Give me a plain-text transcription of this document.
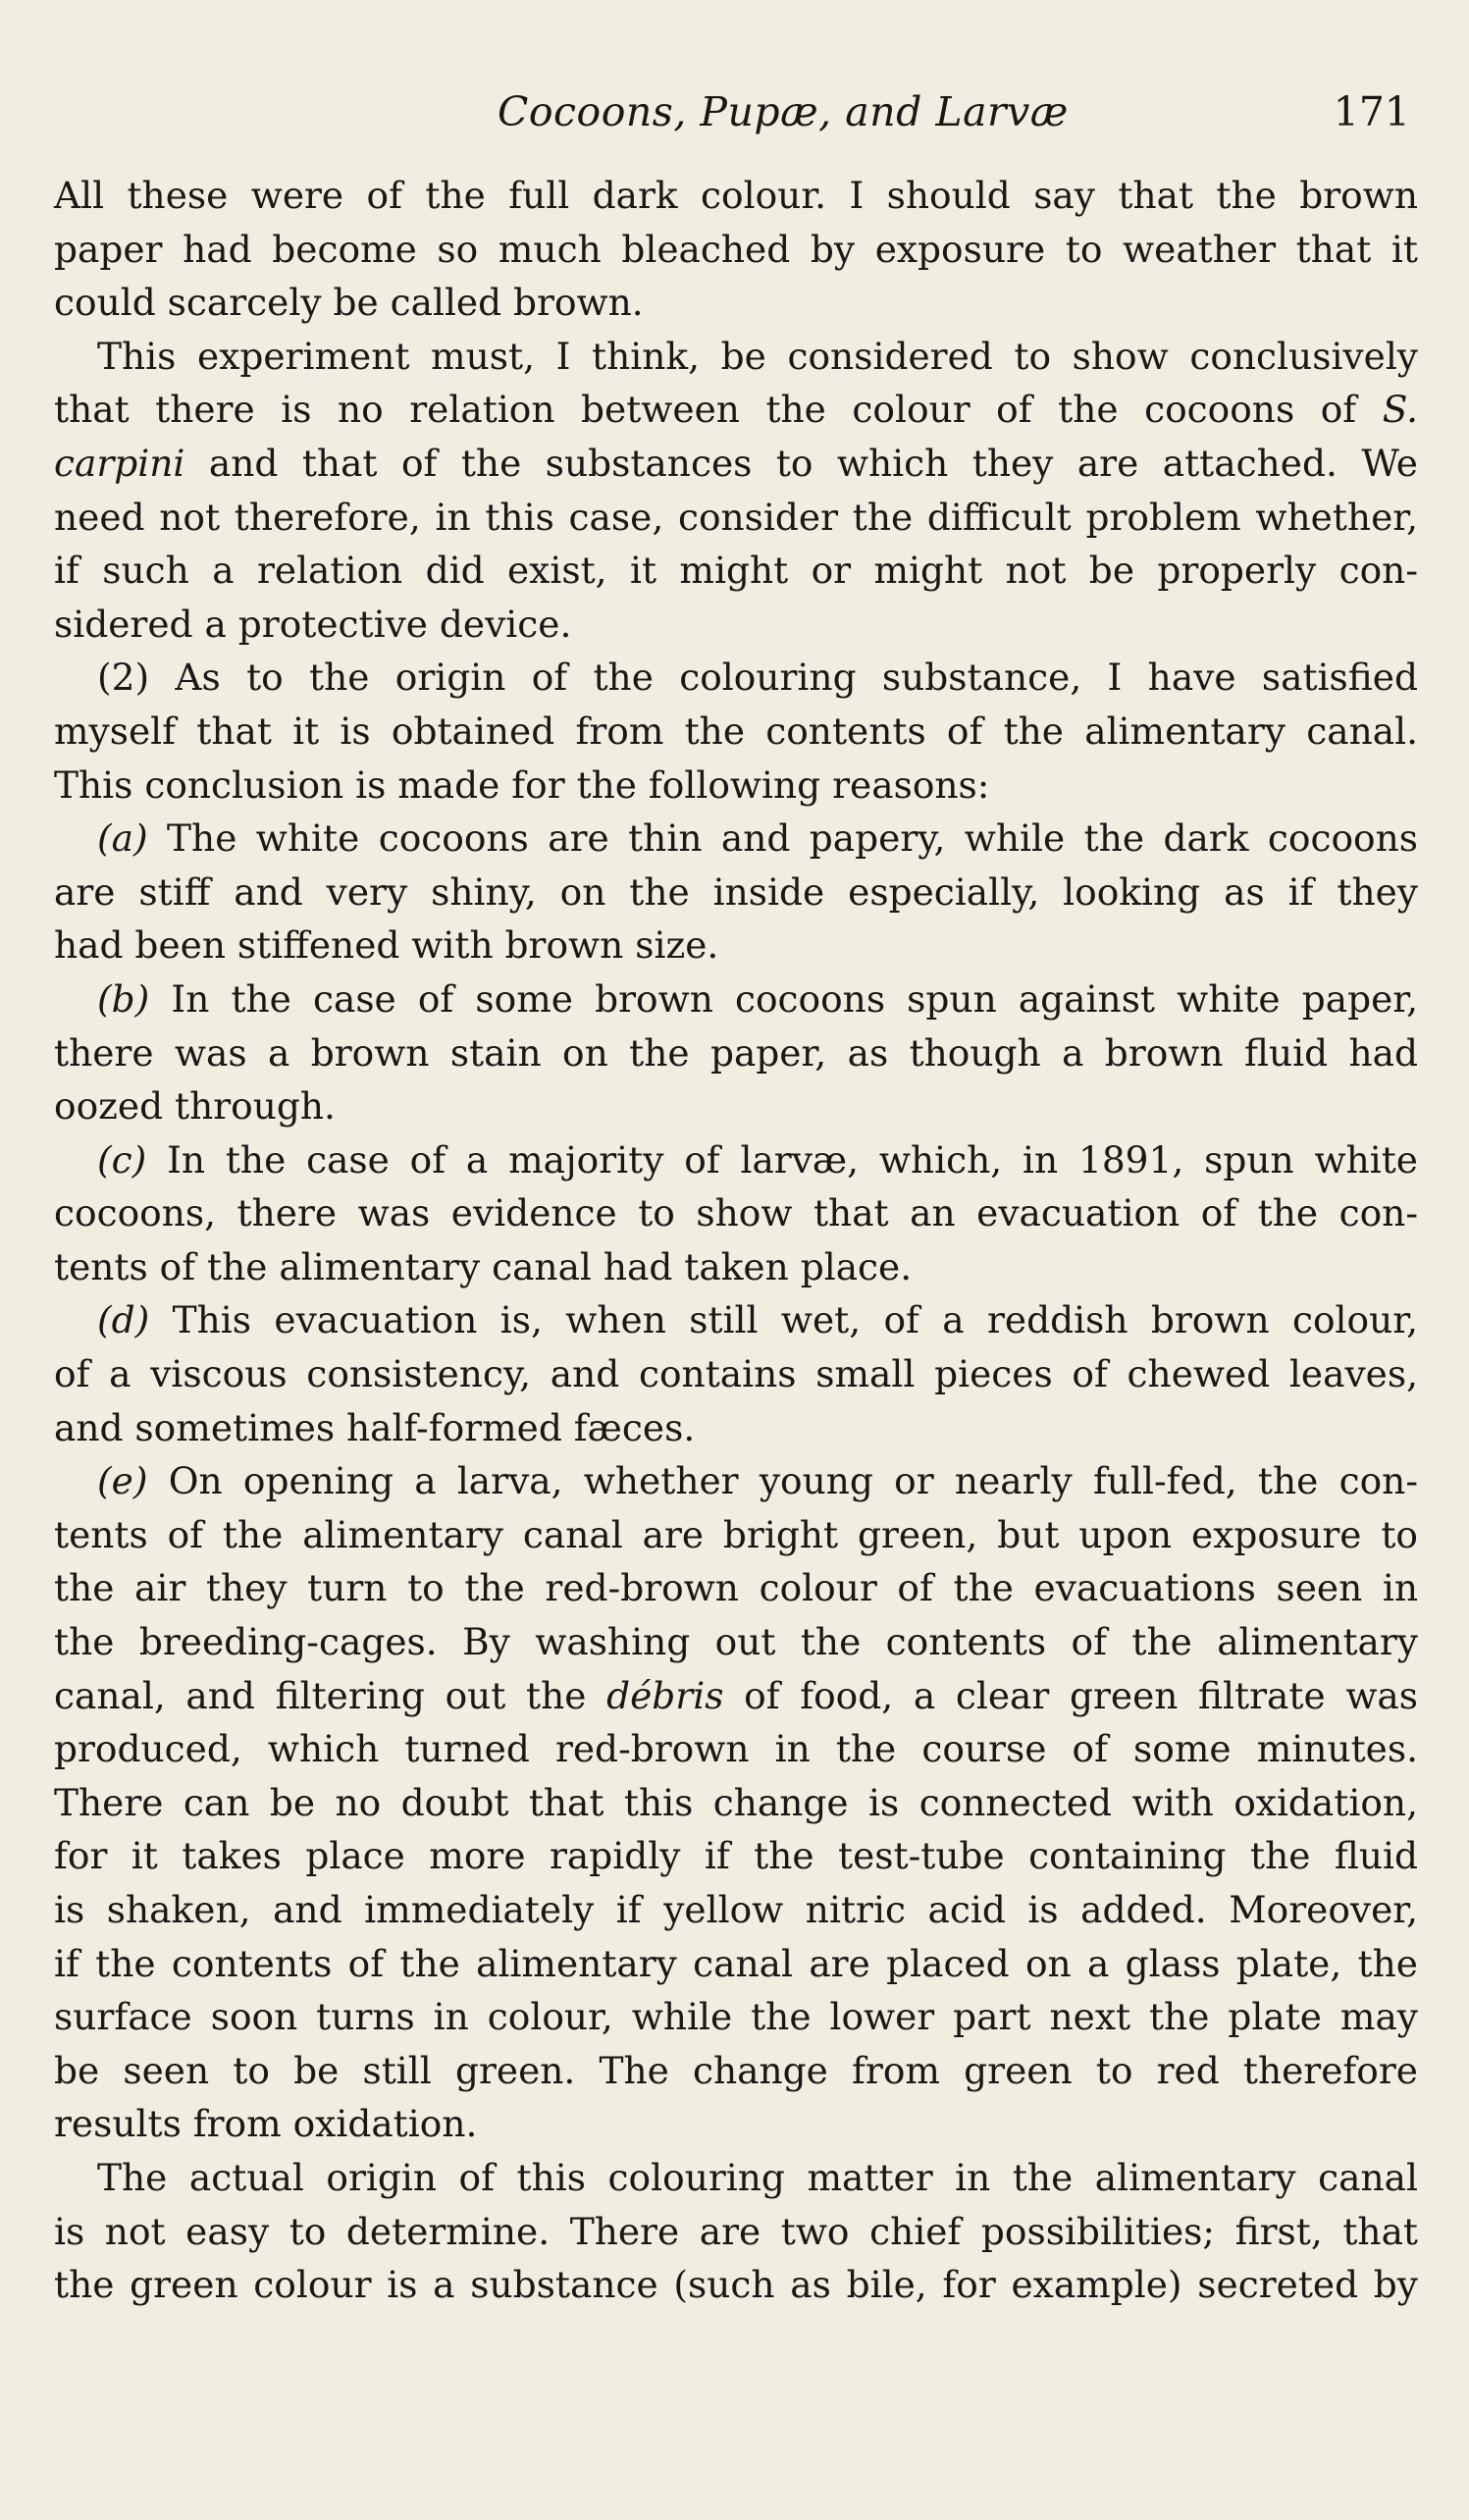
Cocoons, Pupæ, and Larvæ	171
All these were of the full dark colour. I should say that the brown
paper had become so much bleached by exposure to weather that it
could scarcely be called brown.
This experiment must, I think, be considered to show conclusively
that there is no relation between the colour of the cocoons of S.
carpini and that of the substances to which they are attached. We
need not therefore, in this case, consider the difficult problem whether,
if such a relation did exist, it might or might not be properly con-
sidered a protective device.
(2) As to the origin of the colouring substance, I have satisfied
myself that it is obtained from the contents of the alimentary canal.
This conclusion is made for the following reasons:
(a) The white cocoons are thin and papery, while the dark cocoons
are stiff and very shiny, on the inside especially, looking as if they
had been stiffened with brown size.
(b) In the case of some brown cocoons spun against white paper,
there was a brown stain on the paper, as though a brown fluid had
oozed through.
(c) In the case of a majority of larvæ, which, in 1891, spun white
cocoons, there was evidence to show that an evacuation of the con-
tents of the alimentary canal had taken place.
(d) This evacuation is, when still wet, of a reddish brown colour,
of a viscous consistency, and contains small pieces of chewed leaves,
and sometimes half-formed fæces.
(e) On opening a larva, whether young or nearly full-fed, the con-
tents of the alimentary canal are bright green, but upon exposure to
the air they turn to the red-brown colour of the evacuations seen in
the breeding-cages. By washing out the contents of the alimentary
canal, and filtering out the débris of food, a clear green filtrate was
produced, which turned red-brown in the course of some minutes.
There can be no doubt that this change is connected with oxidation,
for it takes place more rapidly if the test-tube containing the fluid
is shaken, and immediately if yellow nitric acid is added. Moreover,
if the contents of the alimentary canal are placed on a glass plate, the
surface soon turns in colour, while the lower part next the plate may
be seen to be still green. The change from green to red therefore
results from oxidation.
The actual origin of this colouring matter in the alimentary canal
is not easy to determine. There are two chief possibilities; first, that
the green colour is a substance (such as bile, for example) secreted by
